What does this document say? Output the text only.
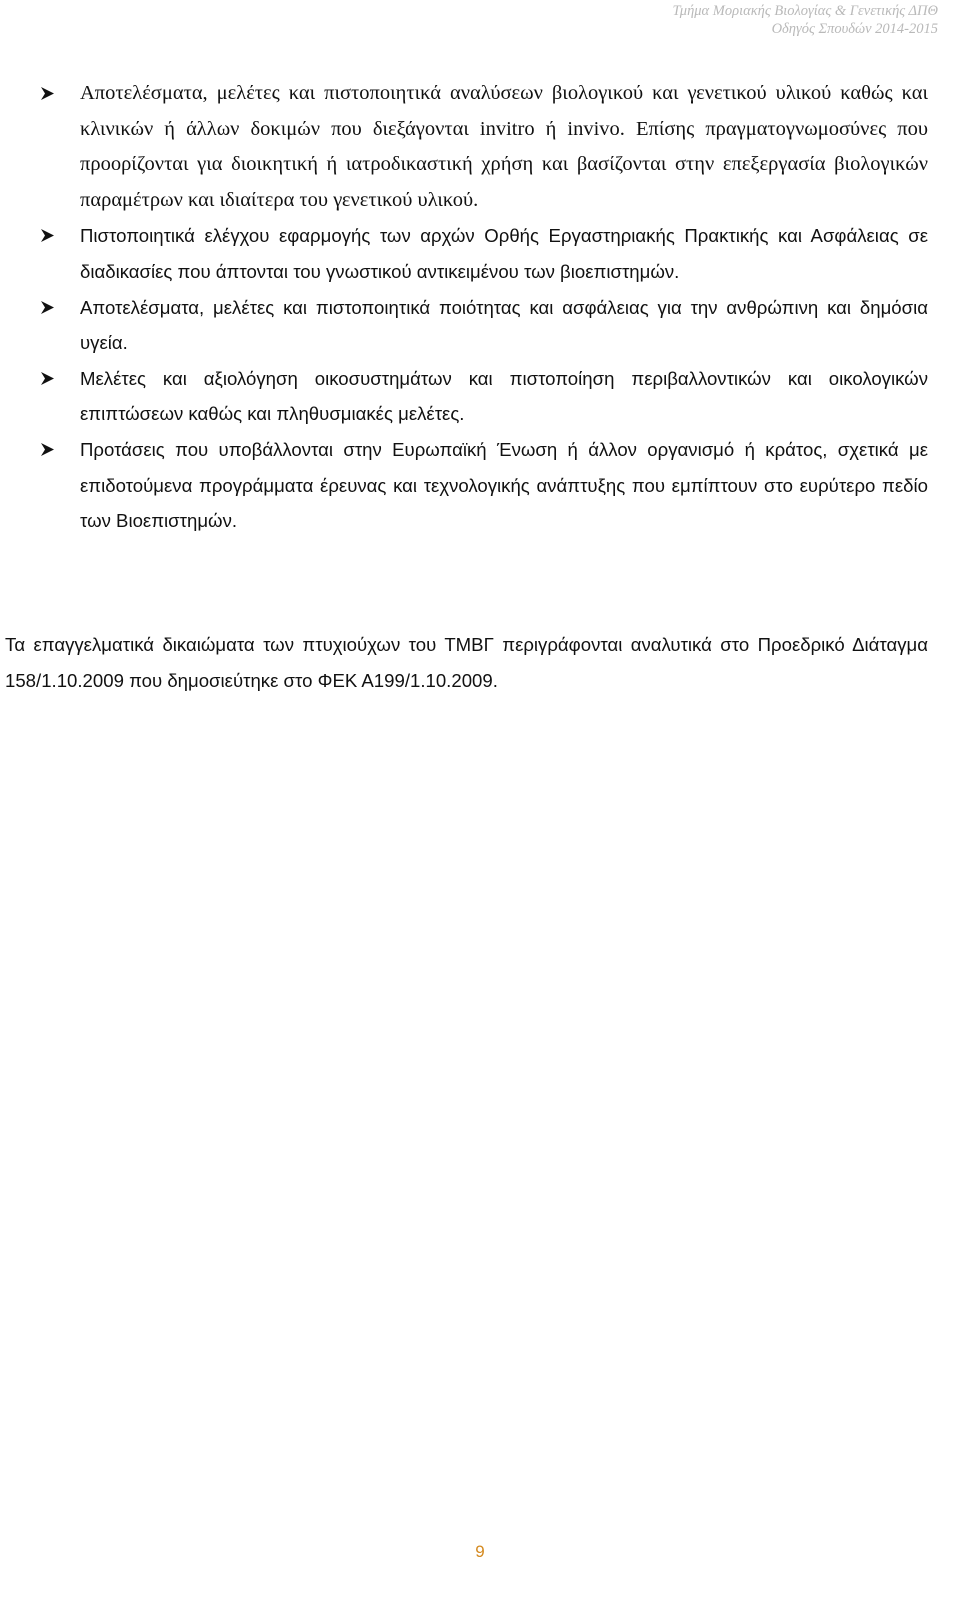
Τμήμα Μοριακής Βιολογίας & Γενετικής ΔΠΘ
Οδηγός Σπουδών 2014-2015
Αποτελέσματα, μελέτες και πιστοποιητικά αναλύσεων βιολογικού και γενετικού υλικού καθώς και κλινικών ή άλλων δοκιμών που διεξάγονται invitro ή invivo. Επίσης πραγματογνωμοσύνες που προορίζονται για διοικητική ή ιατροδικαστική χρήση και βασίζονται στην επεξεργασία βιολογικών παραμέτρων και ιδιαίτερα του γενετικού υλικού.
Πιστοποιητικά ελέγχου εφαρμογής των αρχών Ορθής Εργαστηριακής Πρακτικής και Ασφάλειας σε διαδικασίες που άπτονται του γνωστικού αντικειμένου των βιοεπιστημών.
Αποτελέσματα, μελέτες και πιστοποιητικά ποιότητας και ασφάλειας για την ανθρώπινη και δημόσια υγεία.
Μελέτες και αξιολόγηση οικοσυστημάτων και πιστοποίηση περιβαλλοντικών και οικολογικών επιπτώσεων καθώς και πληθυσμιακές μελέτες.
Προτάσεις που υποβάλλονται στην Ευρωπαϊκή Ένωση ή άλλον οργανισμό ή κράτος, σχετικά με επιδοτούμενα προγράμματα έρευνας και τεχνολογικής ανάπτυξης που εμπίπτουν στο ευρύτερο πεδίο των Βιοεπιστημών.

Τα επαγγελματικά δικαιώματα των πτυχιούχων του ΤΜΒΓ περιγράφονται αναλυτικά στο Προεδρικό Διάταγμα 158/1.10.2009 που δημοσιεύτηκε στο ΦΕΚ Α199/1.10.2009.

9
